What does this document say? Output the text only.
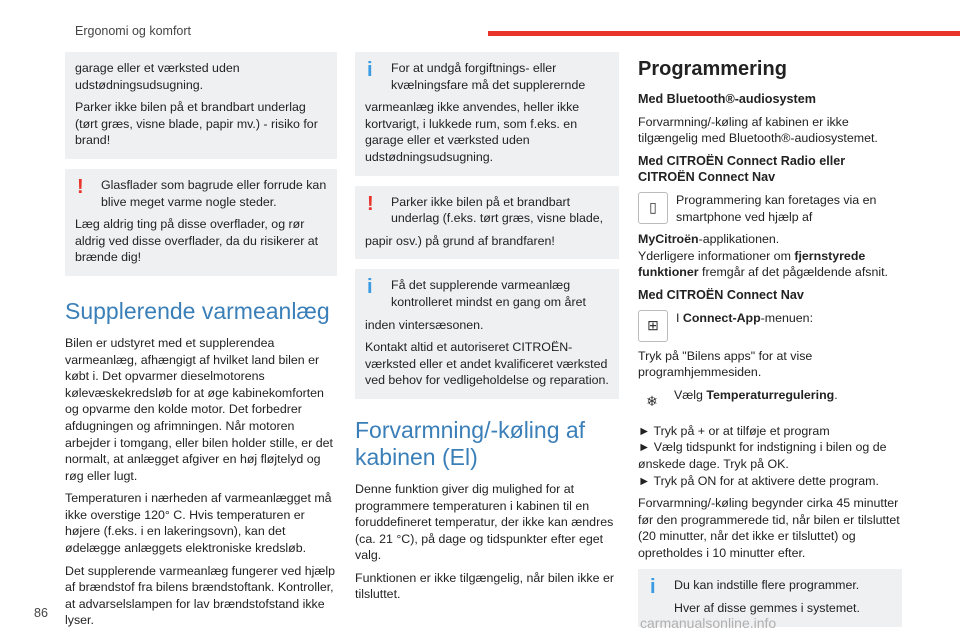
Ergonomi og komfort

garage eller et værksted uden udstødningsudsugning.

Parker ikke bilen på et brandbart underlag (tørt græs, visne blade, papir mv.) - risiko for brand!

!	Glasflader som bagrude eller forrude kan blive meget varme nogle steder.

Læg aldrig ting på disse overflader, og rør aldrig ved disse overflader, da du risikerer at brænde dig!

Supplerende varmeanlæg

Bilen er udstyret med et supplerendea varmeanlæg, afhængigt af hvilket land bilen er købt i. Det opvarmer dieselmotorens kølevæskekredsløb for at øge kabinekomforten og opvarme den kolde motor. Det forbedrer afdugningen og afrimningen. Når motoren arbejder i tomgang, eller bilen holder stille, er det normalt, at anlægget afgiver en høj fløjtelyd og røg eller lugt.

Temperaturen i nærheden af varmeanlægget må ikke overstige 120° C. Hvis temperaturen er højere (f.eks. i en lakeringsovn), kan det ødelægge anlæggets elektroniske kredsløb.

Det supplerende varmeanlæg fungerer ved hjælp af brændstof fra bilens brændstoftank. Kontroller, at advarselslampen for lav brændstofstand ikke lyser.

i	For at undgå forgiftnings- eller kvælningsfare må det supplerernde

varmeanlæg ikke anvendes, heller ikke kortvarigt, i lukkede rum, som f.eks. en garage eller et værksted uden udstødningsudsugning.

!	Parker ikke bilen på et brandbart underlag (f.eks. tørt græs, visne blade,

papir osv.) på grund af brandfaren!

i	Få det supplerende varmeanlæg kontrolleret mindst en gang om året

inden vintersæsonen.

Kontakt altid et autoriseret CITROËN-værksted eller et andet kvalificeret værksted ved behov for vedligeholdelse og reparation.

Forvarmning/-køling af kabinen (El)

Denne funktion giver dig mulighed for at programmere temperaturen i kabinen til en foruddefineret temperatur, der ikke kan ændres (ca. 21 °C), på dage og tidspunkter efter eget valg.

Funktionen er ikke tilgængelig, når bilen ikke er tilsluttet.

Programmering
Med Bluetooth®-audiosystem

Forvarmning/-køling af kabinen er ikke tilgængelig med Bluetooth®-audiosystemet.

Med CITROËN Connect Radio eller CITROËN Connect Nav
▯	Programmering kan foretages via en smartphone ved hjælp af

MyCitroën-applikationen.
Yderligere informationer om fjernstyrede funktioner fremgår af det pågældende afsnit.

Med CITROËN Connect Nav
⊞	I Connect-App-menuen:

Tryk på "Bilens apps" for at vise programhjemmesiden.

❄	Vælg Temperaturregulering.

► Tryk på + or at tilføje et program

► Vælg tidspunkt for indstigning i bilen og de ønskede dage. Tryk på OK.

► Tryk på ON for at aktivere dette program.

Forvarmning/-køling begynder cirka 45 minutter før den programmerede tid, når bilen er tilsluttet (20 minutter, når det ikke er tilsluttet) og opretholdes i 10 minutter efter.

i	Du kan indstille flere programmer.

Hver af disse gemmes i systemet.

86
carmanualsonline.info
